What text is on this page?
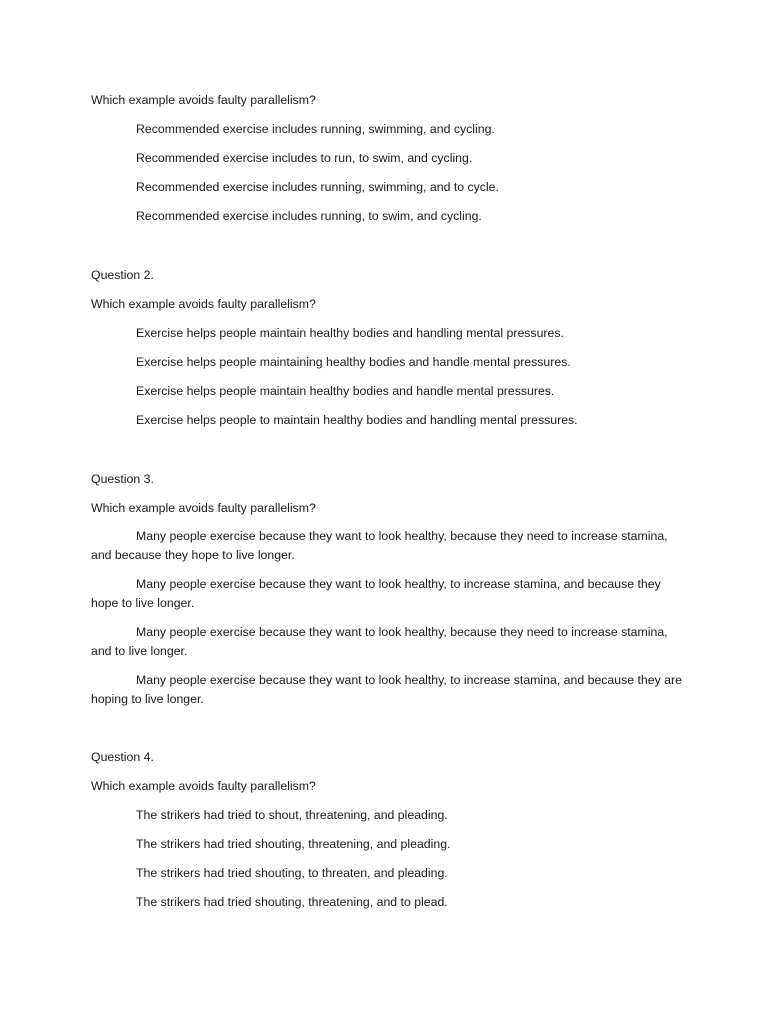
Which example avoids faulty parallelism?

Recommended exercise includes running, swimming, and cycling.
Recommended exercise includes to run, to swim, and cycling.
Recommended exercise includes running, swimming, and to cycle.
Recommended exercise includes running, to swim, and cycling.

Question 2.

Which example avoids faulty parallelism?

Exercise helps people maintain healthy bodies and handling mental pressures.
Exercise helps people maintaining healthy bodies and handle mental pressures.
Exercise helps people maintain healthy bodies and handle mental pressures.
Exercise helps people to maintain healthy bodies and handling mental pressures.

Question 3.

Which example avoids faulty parallelism?

Many people exercise because they want to look healthy, because they need to increase stamina, and because they hope to live longer.
Many people exercise because they want to look healthy, to increase stamina, and because they hope to live longer.
Many people exercise because they want to look healthy, because they need to increase stamina, and to live longer.
Many people exercise because they want to look healthy, to increase stamina, and because they are hoping to live longer.

Question 4.

Which example avoids faulty parallelism?

The strikers had tried to shout, threatening, and pleading.
The strikers had tried shouting, threatening, and pleading.
The strikers had tried shouting, to threaten, and pleading.
The strikers had tried shouting, threatening, and to plead.
